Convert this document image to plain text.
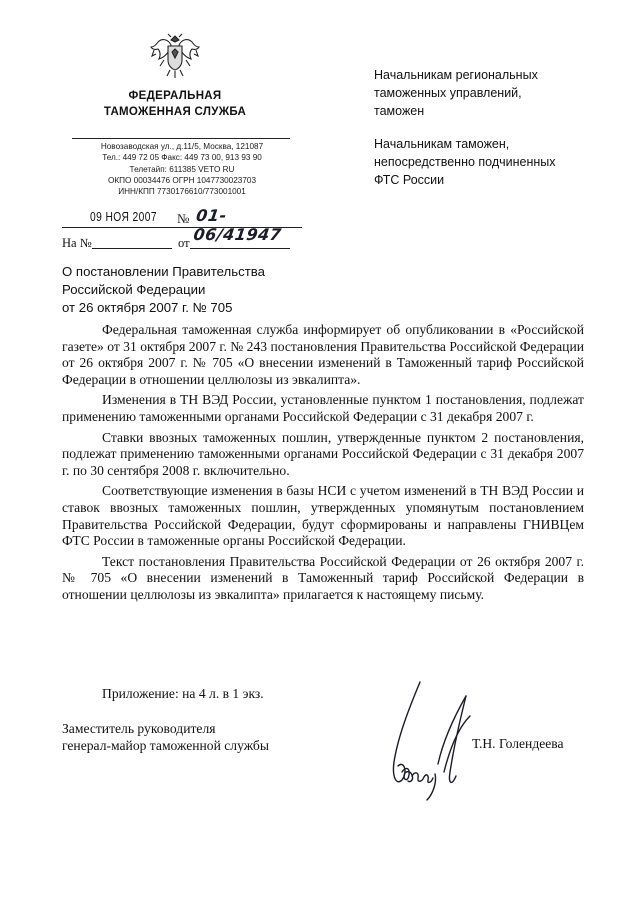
ФЕДЕРАЛЬНАЯ
ТАМОЖЕННАЯ СЛУЖБА
Новозаводская ул., д.11/5, Москва, 121087
Тел.: 449 72 05 Факс: 449 73 00, 913 93 90
Телетайп: 611385 VETO RU
ОКПО 00034476 ОГРН 1047730023703
ИНН/КПП 7730176610/773001001
09 НОЯ 2007 № 01-06/41947
На №	от
Начальникам региональных
таможенных управлений,
таможен
Начальникам таможен,
непосредственно подчиненных
ФТС России
О постановлении Правительства
Российской Федерации
от 26 октября 2007 г. № 705

Федеральная таможенная служба информирует об опубликовании в «Российской газете» от 31 октября 2007 г. № 243 постановления Правительства Российской Федерации от 26 октября 2007 г. № 705 «О внесении изменений в Таможенный тариф Российской Федерации в отношении целлюлозы из эвкалипта».

Изменения в ТН ВЭД России, установленные пунктом 1 постановления, подлежат применению таможенными органами Российской Федерации с 31 декабря 2007 г.

Ставки ввозных таможенных пошлин, утвержденные пунктом 2 постановления, подлежат применению таможенными органами Российской Федерации с 31 декабря 2007 г. по 30 сентября 2008 г. включительно.

Соответствующие изменения в базы НСИ с учетом изменений в ТН ВЭД России и ставок ввозных таможенных пошлин, утвержденных упомянутым постановлением Правительства Российской Федерации, будут сформированы и направлены ГНИВЦем ФТС России в таможенные органы Российской Федерации.

Текст постановления Правительства Российской Федерации от 26 октября 2007 г. № 705 «О внесении изменений в Таможенный тариф Российской Федерации в отношении целлюлозы из эвкалипта» прилагается к настоящему письму.

Приложение: на 4 л. в 1 экз.
Заместитель руководителя
генерал-майор таможенной службы	Т.Н. Голендеева
